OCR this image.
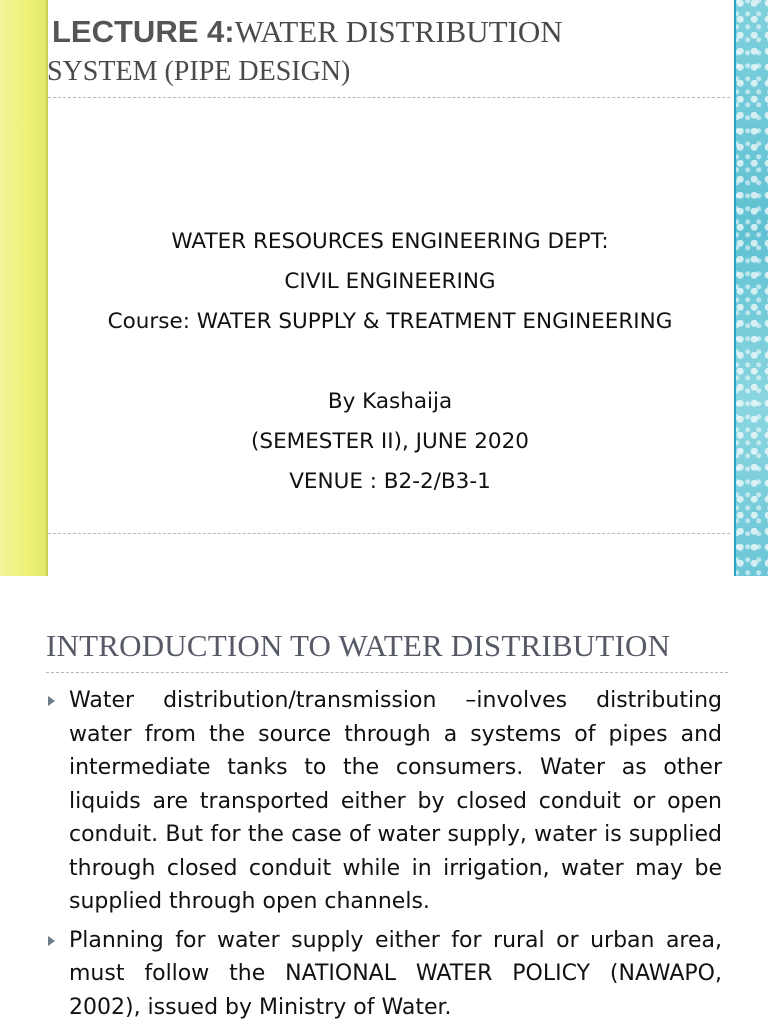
LECTURE 4:WATER DISTRIBUTION
SYSTEM (PIPE DESIGN)
WATER RESOURCES ENGINEERING DEPT:
CIVIL ENGINEERING
Course: WATER SUPPLY & TREATMENT ENGINEERING
By Kashaija
(SEMESTER II), JUNE 2020
VENUE : B2-2/B3-1
INTRODUCTION TO WATER DISTRIBUTION
Water distribution/transmission –involves distributing water from the source through a systems of pipes and intermediate tanks to the consumers. Water as other liquids are transported either by closed conduit or open conduit. But for the case of water supply, water is supplied through closed conduit while in irrigation, water may be supplied through open channels.
Planning for water supply either for rural or urban area, must follow the NATIONAL WATER POLICY (NAWAPO, 2002), issued by Ministry of Water.
